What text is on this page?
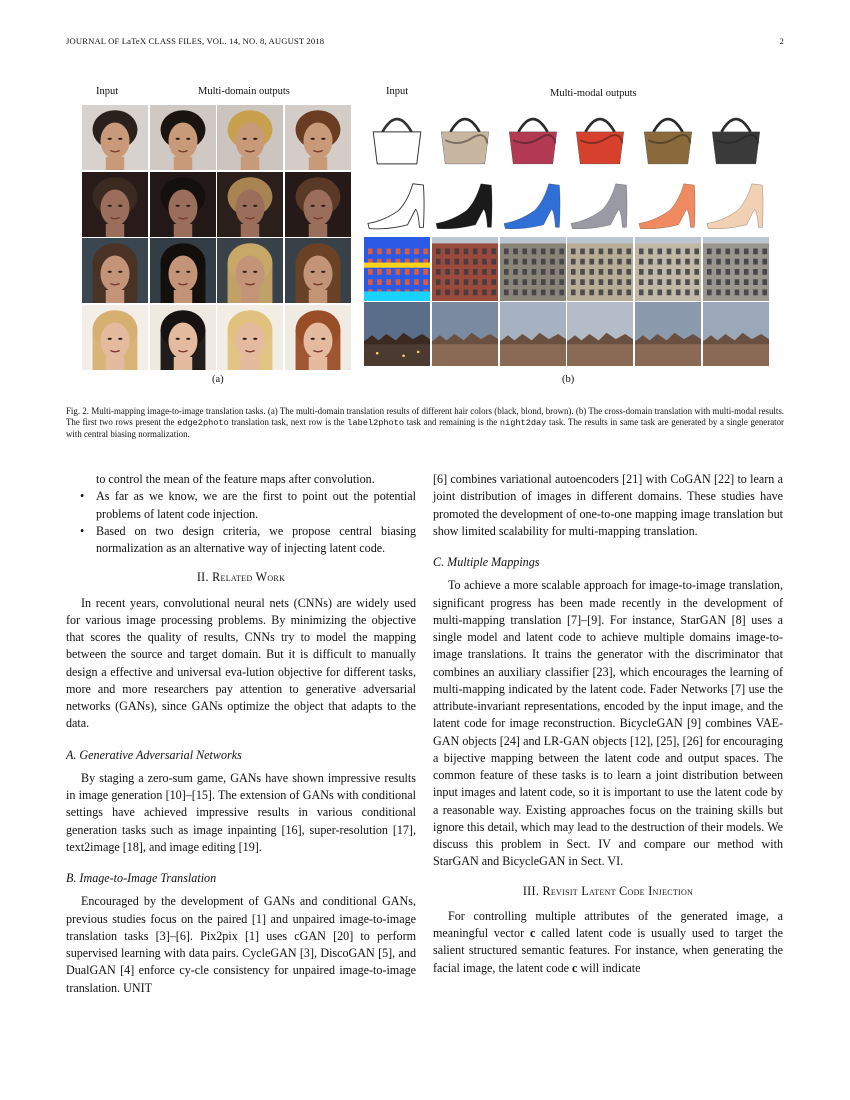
JOURNAL OF LaTeX CLASS FILES, VOL. 14, NO. 8, AUGUST 2018	2
Input	Multi-domain outputs	Input	Multi-modal outputs
(a)	(b)
Fig. 2. Multi-mapping image-to-image translation tasks. (a) The multi-domain translation results of different hair colors (black, blond, brown). (b) The cross-domain translation with multi-modal results. The first two rows present the edge2photo translation task, next row is the label2photo task and remaining is the night2day task. The results in same task are generated by a single generator with central biasing normalization.
to control the mean of the feature maps after convolution.
• As far as we know, we are the first to point out the potential problems of latent code injection.
• Based on two design criteria, we propose central biasing normalization as an alternative way of injecting latent code.
II. Related Work

In recent years, convolutional neural nets (CNNs) are widely used for various image processing problems. By minimizing the objective that scores the quality of results, CNNs try to model the mapping between the source and target domain. But it is difficult to manually design a effective and universal eva-lution objective for different tasks, more and more researchers pay attention to generative adversarial networks (GANs), since GANs optimize the object that adapts to the data.

A. Generative Adversarial Networks

By staging a zero-sum game, GANs have shown impressive results in image generation [10]–[15]. The extension of GANs with conditional settings have achieved impressive results in various conditional generation tasks such as image inpainting [16], super-resolution [17], text2image [18], and image editing [19].

B. Image-to-Image Translation

Encouraged by the development of GANs and conditional GANs, previous studies focus on the paired [1] and unpaired image-to-image translation tasks [3]–[6]. Pix2pix [1] uses cGAN [20] to perform supervised learning with data pairs. CycleGAN [3], DiscoGAN [5], and DualGAN [4] enforce cy-cle consistency for unpaired image-to-image translation. UNIT

[6] combines variational autoencoders [21] with CoGAN [22] to learn a joint distribution of images in different domains. These studies have promoted the development of one-to-one mapping image translation but show limited scalability for multi-mapping translation.

C. Multiple Mappings

To achieve a more scalable approach for image-to-image translation, significant progress has been made recently in the development of multi-mapping translation [7]–[9]. For instance, StarGAN [8] uses a single model and latent code to achieve multiple domains image-to-image translations. It trains the generator with the discriminator that combines an auxiliary classifier [23], which encourages the learning of multi-mapping indicated by the latent code. Fader Networks [7] use the attribute-invariant representations, encoded by the input image, and the latent code for image reconstruction. BicycleGAN [9] combines VAE-GAN objects [24] and LR-GAN objects [12], [25], [26] for encouraging a bijective mapping between the latent code and output spaces. The common feature of these tasks is to learn a joint distribution between input images and latent code, so it is important to use the latent code by a reasonable way. Existing approaches focus on the training skills but ignore this detail, which may lead to the destruction of their models. We discuss this problem in Sect. IV and compare our method with StarGAN and BicycleGAN in Sect. VI.

III. Revisit Latent Code Injection

For controlling multiple attributes of the generated image, a meaningful vector c called latent code is usually used to target the salient structured semantic features. For instance, when generating the facial image, the latent code c will indicate
